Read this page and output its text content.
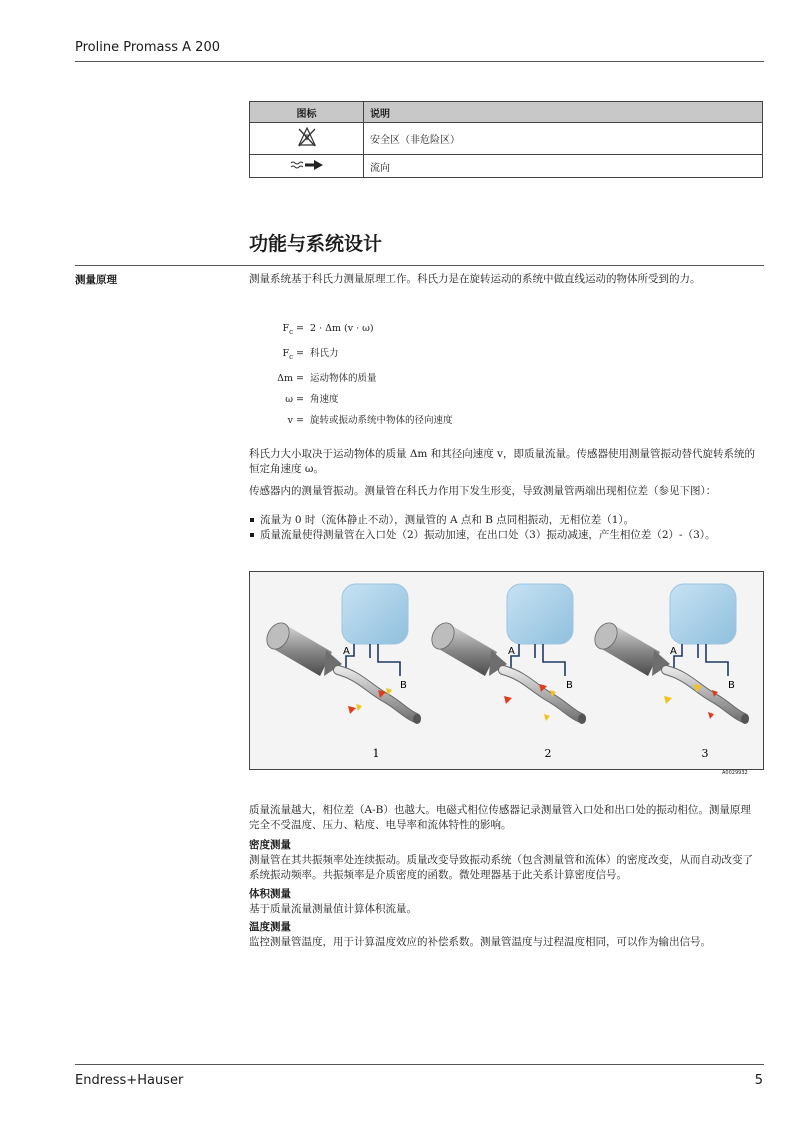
Proline Promass A 200
图标	说明
	安全区（非危险区）
	流向
功能与系统设计
测量原理	测量系统基于科氏力测量原理工作。科氏力是在旋转运动的系统中做直线运动的物体所受到的力。
$F_c = 2 \cdot \Delta m$ (v · ω)
$F_c$ = 科氏力
Δm = 运动物体的质量
ω = 角速度
v = 旋转或振动系统中物体的径向速度
科氏力大小取决于运动物体的质量 Δm 和其径向速度 v，即质量流量。传感器使用测量管振动替代旋转系统的恒定角速度 ω。
传感器内的测量管振动。测量管在科氏力作用下发生形变，导致测量管两端出现相位差（参见下图）：
流量为 0 时（流体静止不动），测量管的 A 点和 B 点同相振动，无相位差（1）。
质量流量使得测量管在入口处（2）振动加速，在出口处（3）振动减速，产生相位差（2）-（3）。
A
B
A
B
A
B
1	2	3
A0029932
质量流量越大，相位差（A-B）也越大。电磁式相位传感器记录测量管入口处和出口处的振动相位。测量原理完全不受温度、压力、粘度、电导率和流体特性的影响。
密度测量
测量管在其共振频率处连续振动。质量改变导致振动系统（包含测量管和流体）的密度改变，从而自动改变了系统振动频率。共振频率是介质密度的函数。微处理器基于此关系计算密度信号。
体积测量
基于质量流量测量值计算体积流量。
温度测量
监控测量管温度，用于计算温度效应的补偿系数。测量管温度与过程温度相同，可以作为输出信号。
Endress+Hauser	5
